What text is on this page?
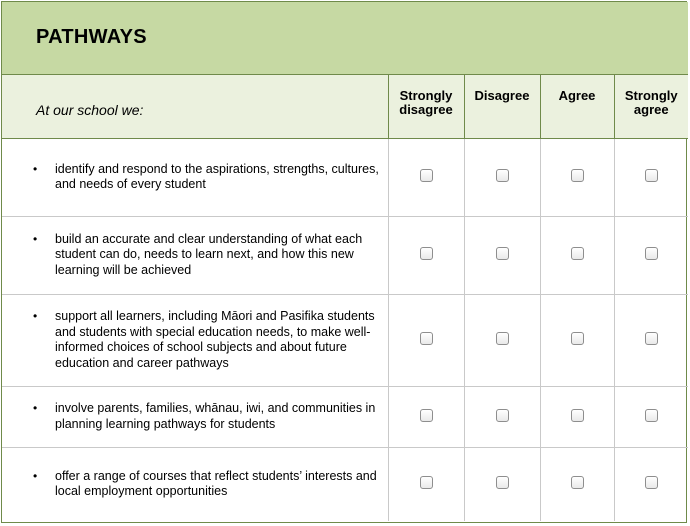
PATHWAYS				
At our school we:	Strongly disagree	Disagree	Agree	Strongly agree

• identify and respond to the aspirations, strengths, cultures, and needs of every student				

• build an accurate and clear understanding of what each student can do, needs to learn next, and how this new learning will be achieved				

• support all learners, including Māori and Pasifika students and students with special education needs, to make well-informed choices of school subjects and about future education and career pathways				

• involve parents, families, whānau, iwi, and communities in planning learning pathways for students				

• offer a range of courses that reflect students’ interests and local employment opportunities				
